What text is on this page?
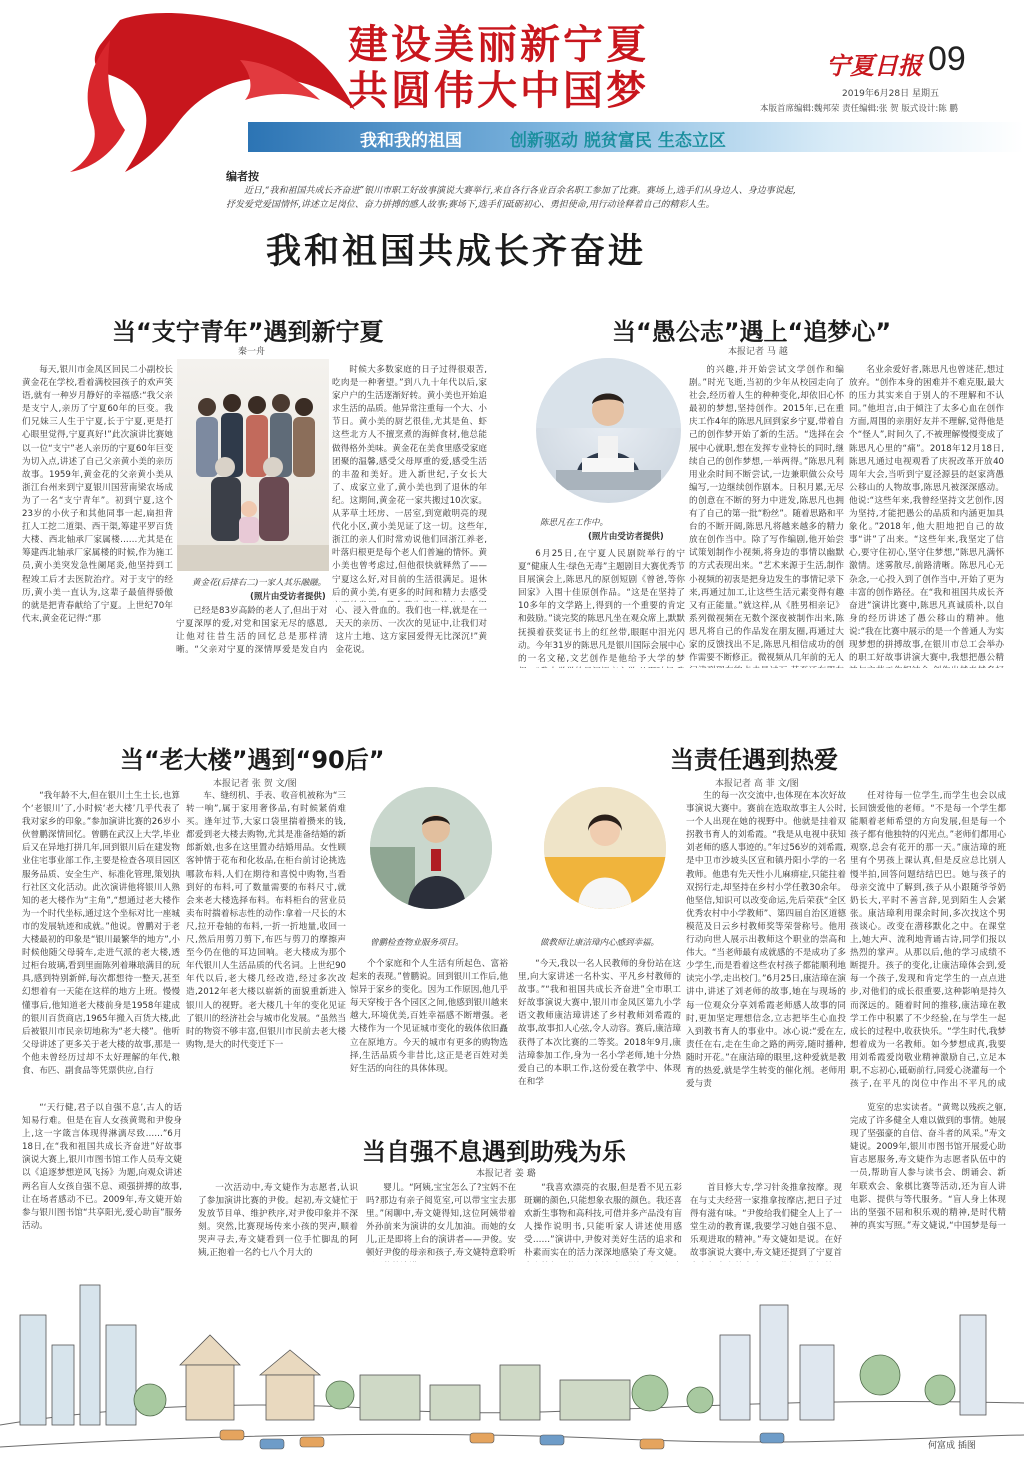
建设美丽新宁夏
共圆伟大中国梦
宁夏日报 09
2019年6月28日 星期五
本版首席编辑:魏邦荣 责任编辑:张 贺 版式设计:陈 鹏
我和我的祖国	创新驱动 脱贫富民 生态立区
编者按
近日,“我和祖国共成长齐奋进”银川市职工好故事演说大赛举行,来自各行各业百余名职工参加了比赛。赛场上,选手们从身边人、身边事说起,抒发爱党爱国情怀,讲述立足岗位、奋力拼搏的感人故事;赛场下,选手们砥砺初心、勇担使命,用行动诠释着自己的精彩人生。
我和祖国共成长齐奋进
当“支宁青年”遇到新宁夏
秦一舟

每天,银川市金凤区回民二小副校长黄金花在学校,看着满校园孩子的欢声笑语,就有一种岁月静好的幸福感:“我父亲是支宁人,亲历了宁夏60年的巨变。我们兄妹三人生于宁夏,长于宁夏,更是打心眼里觉得,宁夏真好!”此次演讲比赛她以一位“支宁”老人亲历的宁夏60年巨变为切入点,讲述了自己父亲黄小美的亲历故事。1959年,黄金花的父亲黄小美从浙江台州来到宁夏银川国营南梁农场成为了一名“支宁青年”。初到宁夏,这个23岁的小伙子和其他同事一起,扁担背扛人工挖二道渠、西干渠,筹建平罗百货大楼、西北轴承厂家属楼……尤其是在筹建西北轴承厂家属楼的时候,作为施工员,黄小美突发急性阑尾炎,他坚持到工程竣工后才去医院治疗。对于支宁的经历,黄小美一直认为,这辈子最值得骄傲的就是把青春献给了宁夏。上世纪70年代末,黄金花记得:“那

黄金花(后排右二)一家人其乐融融。
(照片由受访者提供)

时候大多数家庭的日子过得很艰苦,吃肉是一种奢望。”到八九十年代以后,家家户户的生活逐渐好转。黄小美也开始追求生活的品质。他异常注重每一个大、小节日。黄小美的厨艺很佳,尤其是鱼、虾这些北方人不擅烹煮的海鲜食材,他总能做得格外美味。黄金花在美食里感受家庭团聚的温馨,感受父母厚重的爱,感受生活的丰盈和美好。进入新世纪,子女长大了、成家立业了,黄小美也到了退休的年纪。这期间,黄金花一家共搬过10次家。从茅草土坯房、一居室,到宽敞明亮的现代化小区,黄小美见证了这一切。这些年,浙江的亲人们时常劝说他们回浙江养老,叶落归根更是每个老人们普遍的情怀。黄小美也曾考虑过,但他很快就释然了——宁夏这么好,对目前的生活很满足。退休后的黄小美,有更多的时间和精力去感受

已经是83岁高龄的老人了,但出于对宁夏深厚的爱,对党和国家无尽的感恩,让他对往昔生活的回忆总是那样清晰。“父亲对宁夏的深情厚爱是发自内心、浸入骨血的。我们也一样,就是在一天天的亲历、一次次的见证中,让我们对这片土地、这方家园爱得无比深沉!”黄金花说。

当“愚公志”遇上“追梦心”
本报记者 马 越
陈思凡在工作中。
(照片由受访者提供)

6月25日,在宁夏人民剧院举行的宁夏“健康人生·绿色无毒”主题剧目大赛优秀节目展演会上,陈思凡的原创短剧《曾爸,等你回家》入围十佳原创作品。“这是在坚持了10多年的文学路上,得到的一个重要的肯定和鼓励。”谈完奖的陈思凡坐在观众席上,默默抚摸着获奖证书上的红丝带,眼眶中泪光闪动。今年31岁的陈思凡是银川国际会展中心的一名文秘,文艺创作是他给予大学的梦

的兴趣,并开始尝试文学创作和编剧。”时光飞逝,当初的少年从校园走向了社会,经历着人生的种种变化,却依旧心怀最初的梦想,坚持创作。2015年,已在重庆工作4年的陈思凡回到家乡宁夏,带着自己的创作梦开始了新的生活。“选择在会展中心就职,想在发挥专业特长的同时,继续自己的创作梦想,一举两得。”陈思凡利用业余时间不断尝试,一边兼职做公众号编写,一边继续创作剧本。日积月累,无尽的创意在不断的努力中迸发,陈思凡也拥有了自己的第一批“粉丝”。随着思路和平台的不断开阔,陈思凡将越来越多的精力放在创作当中。除了写作编剧,他开始尝试策划制作小视频,将身边的事情以幽默的方式表现出来。“艺术来源于生活,制作小视频的初衷是把身边发生的事情记录下来,再通过加工,让这些生活元素变得有趣又有正能量。”就这样,从《胜男相亲记》系列微视频在无数个深夜被制作出来,陈思凡将自己的作品发在朋友圈,再通过大家的反馈找出不足,陈思凡相信成功的创作需要不断修正。微视频从几年前的无人

名业余爱好者,陈思凡也曾迷茫,想过放弃。“创作本身的困难并不难克服,最大的压力其实来自于别人的不理解和不认同。”他坦言,由于倾注了太多心血在创作方面,周围的亲朋好友并不理解,觉得他是个“怪人”,时间久了,不被理解慢慢变成了陈思凡心里的“痛”。2018年12月18日,陈思凡通过电视观看了庆祝改革开放40周年大会,当听到宁夏泾源县的赵家湾愚公移山的人物故事,陈思凡被深深感动。他说:“这些年来,我曾经坚持文艺创作,因为坚持,才能把愚公的品质和内涵更加具象化。”2018年,他大胆地把自己的故事“讲”了出来。“这些年来,我坚定了信心,要守住初心,坚守住梦想,”陈思凡满怀激情。迷雾散尽,前路清晰。陈思凡心无杂念,一心投入到了创作当中,开始了更为丰富的创作路径。在“我和祖国共成长齐奋进”演讲比赛中,陈思凡真诚质朴,以自身的经历讲述了愚公移山的精神。他说:“我在比赛中展示的是一个普通人为实现梦想的拼搏故事,在银川市总工会举办的职工好故事讲演大赛中,我想把愚公精

当“老大楼”遇到“90后”
本报记者 张 贺 文/图

“我年龄不大,但在银川土生土长,也算个‘老银川’了,小时候‘老大楼’几乎代表了我对家乡的印象。”参加演讲比赛的26岁小伙曾鹏深情回忆。曾鹏在武汉上大学,毕业后又在异地打拼几年,回到银川后在建发物业住宅事业部工作,主要是检查各项目园区服务品质、安全生产、标准化管理,策划执行社区文化活动。此次演讲他将银川人熟知的老大楼作为“主角”,“想通过老大楼作为一个时代坐标,通过这个坐标对比一座城市的发展轨迹和成就。”他说。曾鹏对于老大楼最初的印象是“银川最繁华的地方”,小时候他随父母骑车,走进气派的老大楼,透过柜台玻璃,看到里面陈列着琳琅满目的玩具,感到特别新鲜,每次都想待一整天,甚至幻想着有一天能在这样的地方上班。慢慢懂事后,他知道老大楼前身是1958年建成的银川百货商店,1965年搬入百货大楼,此后被银川市民亲切地称为“老大楼”。他听父母讲述了更多关于老大楼的故事,那是一个他未曾经历过却不太好理解的年代,粮食、布匹、副食品等凭票供应,自行

车、缝纫机、手表、收音机被称为“三转一响”,属于家用奢侈品,有时候紧俏难买。逢年过节,大家口袋里揣着攒来的钱,都爱到老大楼去购物,尤其是准备结婚的新郎新娘,也多在这里置办结婚用品。女性顾客钟情于花布和化妆品,在柜台前讨论挑选哪款布料,人们在期待和喜悦中购物,当看到好的布料,可了数量需要的布料尺寸,就会来老大楼选择布料。布料柜台的营业员卖布时揣着标志性的动作:拿着一尺长的木尺,拉开卷轴的布料,一折一折地量,收回一尺,然后用剪刀剪下,布匹与剪刀的摩擦声至今仍在他的耳边回响。老大楼成为那个年代银川人生活品质的代名词。上世纪90年代以后,老大楼几经改造,经过多次改造,2012年老大楼以崭新的面貌重新进入银川人的视野。老大楼几十年的变化见证了银川的经济社会与城市化发展。“虽然当时的物资不够丰富,但银川市民前去老大楼购物,是大的时代变迁下一

曾鹏检查物业服务项目。

个个家庭和个人生活有所起色、富裕起来的表现。”曾鹏说。回到银川工作后,他惊异于家乡的变化。因为工作原因,他几乎每天穿梭于各个园区之间,他感到银川越来越大,环境优美,百姓幸福感不断增强。老大楼作为一个见证城市变化的载体依旧矗立在原地方。今天的城市有更多的购物选择,生活品质今非昔比,这正是老百姓对美好生活的向往的具体体现。

当责任遇到热爱
本报记者 高 菲 文/图
做教师让康洁璋内心感到幸福。

“今天,我以一名人民教师的身份站在这里,向大家讲述一名朴实、平凡乡村教师的故事。”“我和祖国共成长齐奋进”全市职工好故事演说大赛中,银川市金凤区第九小学语文教师康洁璋讲述了乡村教师刘希霞的故事,故事扣人心弦,令人动容。赛后,康洁璋获得了本次比赛的二等奖。2018年9月,康洁璋参加工作,身为一名小学老师,她十分热爱自己的本职工作,这份爱在教学中、体现在和学

生的每一次交流中,也体现在本次好故事演说大赛中。赛前在选取故事主人公时,一个人出现在她的视野中。他就是挂着双拐教书育人的刘希霞。“我是从电视中获知刘老师的感人事迹的。”年过56岁的刘希霞,是中卫市沙坡头区宣和镇丹阳小学的一名教师。他患有先天性小儿麻痹症,只能拄着双拐行走,却坚持在乡村小学任教30余年。他坚信,知识可以改变命运,先后荣获“全区优秀农村中小学教师”、第四届自治区道德模范及日云乡村教师奖等荣誉称号。他用行动向世人展示出教师这个职业的崇高和伟大。“当老师最有成就感的不是成功了多少学生,而是看着这些农村孩子都能顺利地读完小学,走出校门。”6月25日,康洁璋在演讲中,讲述了刘老师的故事,她在与现场的每一位观众分享刘希霞老师感人故事的同时,更加坚定理想信念,立志把毕生心血投入到教书育人的事业中。冰心说:“爱在左,责任在右,走在生命之路的两旁,随时播种,随时开花。”在康洁璋的眼里,这种爱就是教育的热爱,就是学生转变的催化剂。老师用爱与责

任对待每一位学生,而学生也会以成长回馈爱他的老师。“不是每一个学生都能顺着老师希望的方向发展,但是每一个孩子都有他独特的闪光点。”老师们都用心观察,总会有花开的那一天。”康洁璋的班里有个男孩上课认真,但是反应总比别人慢半拍,回答问题结结巴巴。她与孩子的母亲交流中了解到,孩子从小跟随爷爷奶奶长大,平时不善言辞,见到陌生人会紧张。康洁璋利用课余时间,多次找这个男孩谈心。改变在潜移默化之中。在课堂上,她大声、流利地背诵古诗,同学们报以热烈的掌声。从那以后,他的学习成绩不断提升。孩子的变化,让康洁璋体会到,爱每一个孩子,发现和肯定学生的一点点进步,对他们的成长很重要,这种影响是持久而深远的。随着时间的推移,康洁璋在教学工作中积累了不少经验,在与学生一起成长的过程中,收获快乐。“学生时代,我梦想着成为一名教师。如今梦想成真,我要用刘希霞爱岗敬业精神激励自己,立足本职,不忘初心,砥砺前行,同爱心浇灌每一个孩子,在平凡的岗位中作出不平凡的成

当自强不息遇到助残为乐
本报记者 姜 璐

“‘天行健,君子以自强不息’,古人的话知易行难。但是在盲人女孩黄鸳和尹俊身上,这一字箴言体现得淋漓尽致……”6月18日,在“我和祖国共成长齐奋进”好故事演说大赛上,银川市图书馆工作人员寿文婕以《追逐梦想逆风飞扬》为题,向观众讲述两名盲人女孩自强不息、顽强拼搏的故事,让在场者感动不已。2009年,寿文婕开始参与银川图书馆“共享阳光,爱心助盲”服务活动。

一次活动中,寿文婕作为志愿者,认识了参加演讲比赛的尹俊。起初,寿文婕忙于发放节目单、维护秩序,对尹俊印象并不深刻。突然,比赛现场传来小孩的哭声,顺着哭声寻去,寿文婕看到一位手忙脚乱的阿姨,正抱着一名约七八个月大的

婴儿。“阿姨,宝宝怎么了?宝妈不在吗?那边有亲子阅览室,可以带宝宝去那里。”闲聊中,寿文婕得知,这位阿姨带着外孙前来为演讲的女儿加油。而她的女儿,正是即将上台的演讲者——尹俊。安顿好尹俊的母亲和孩子,寿文婕特意聆听

“我喜欢漂亮的衣服,但是看不见五彩斑斓的颜色,只能想象衣服的颜色。我还喜欢新生事物和高科技,可借并多产品没有盲人操作说明书,只能听家人讲述使用感受……”演讲中,尹俊对美好生活的追求和朴素而实在的活力深深地感染了寿文婕。

首目修大专,学习针灸推拿按摩。现在与丈夫经营一家推拿按摩店,把日子过得有滋有味。“尹俊给我们健全人上了一堂生动的教育课,我要学习她自强不息、乐观进取的精神。”寿文婕如是说。在好故事演说大赛中,寿文婕还提到了宁夏首

览室的忠实读者。“黄鸳以残疾之躯,完成了许多健全人难以做到的事情。她展现了坚强豪的自信、奋斗者的风采。”寿文婕说。2009年,银川市图书馆开展爱心助盲志愿服务,寿文婕作为志愿者队伍中的一员,帮助盲人参与读书会、朗诵会、新年联欢会、象棋比赛等活动,还为盲人讲电影、提供与等代服务。“盲人身上体现出的坚强不屈和积乐观的精神,是时代精神的真实写照。”寿文婕说,“中国梦是每一

何富成 插图
